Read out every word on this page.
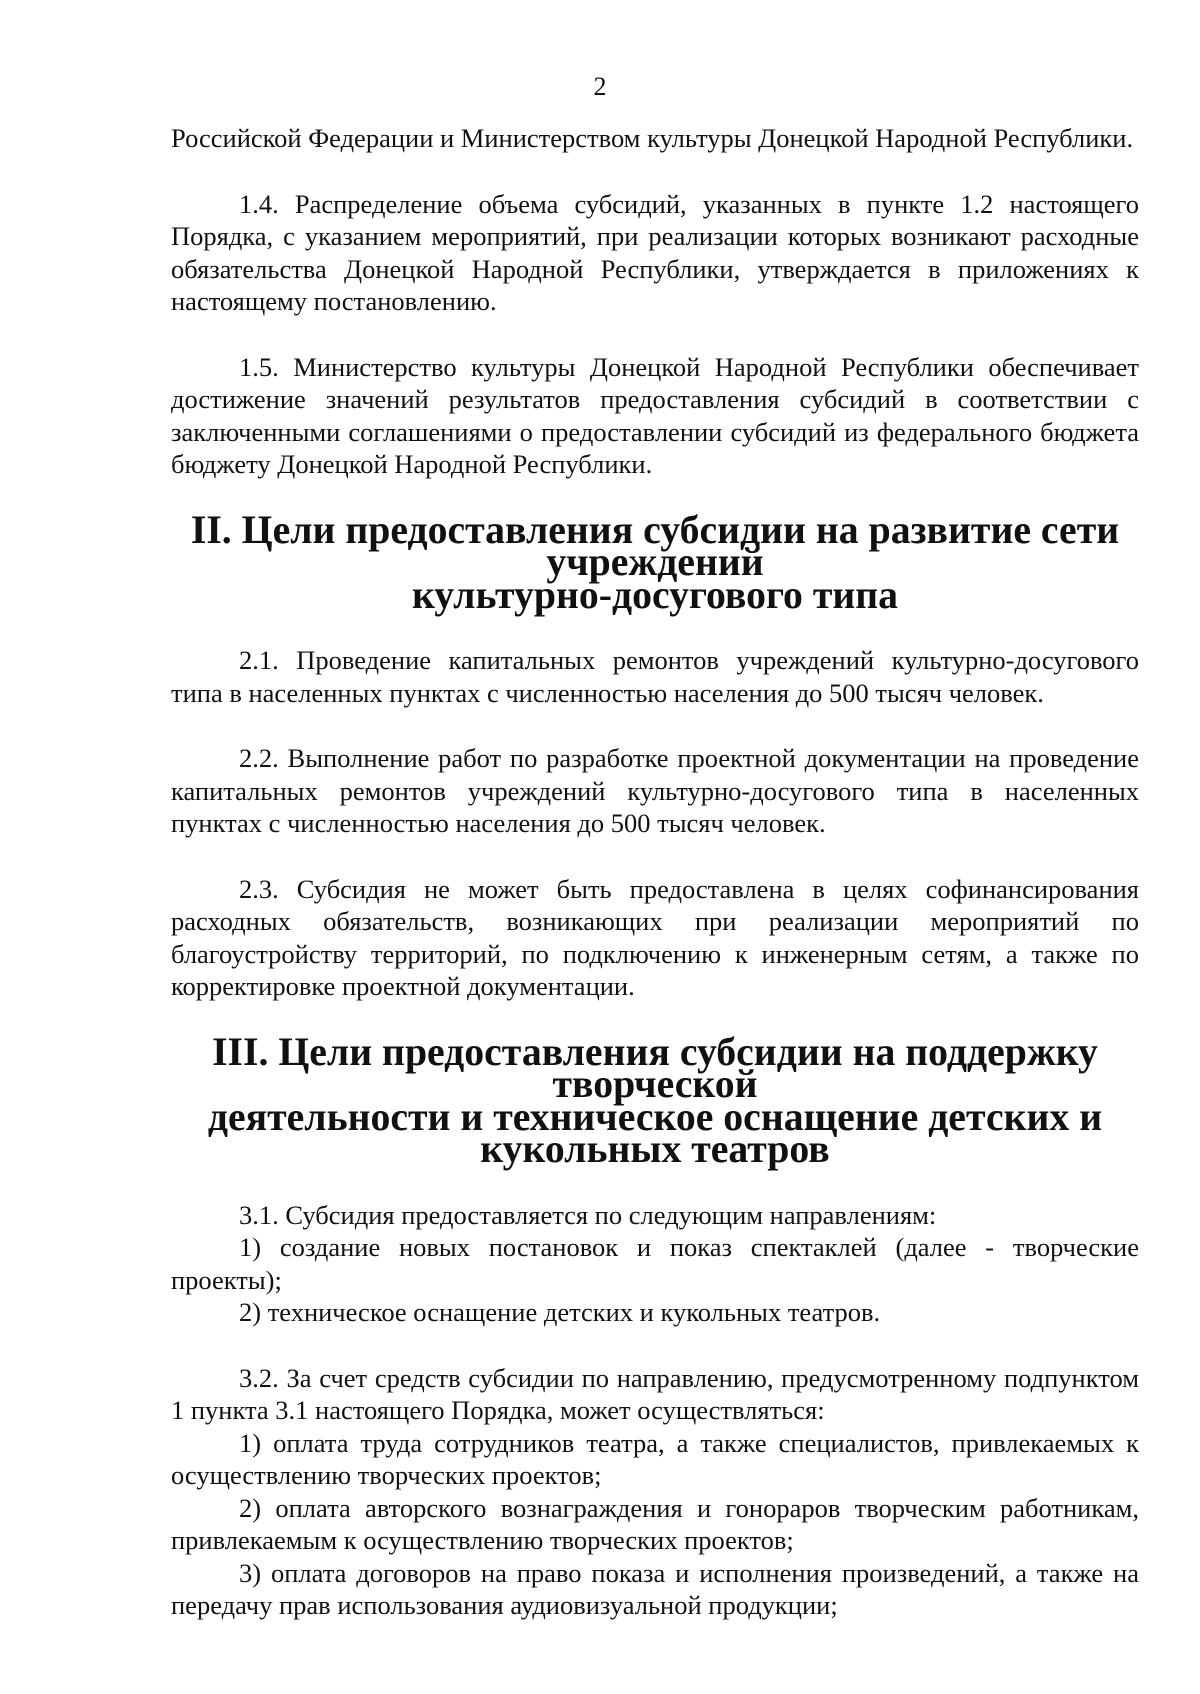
2

Российской Федерации и Министерством культуры Донецкой Народной Республики.

1.4. Распределение объема субсидий, указанных в пункте 1.2 настоящего Порядка, с указанием мероприятий, при реализации которых возникают расходные обязательства Донецкой Народной Республики, утверждается в приложениях к настоящему постановлению.

1.5. Министерство культуры Донецкой Народной Республики обеспечивает достижение значений результатов предоставления субсидий в соответствии с заключенными соглашениями о предоставлении субсидий из федерального бюджета бюджету Донецкой Народной Республики.

II. Цели предоставления субсидии на развитие сети учреждений
культурно-досугового типа

2.1. Проведение капитальных ремонтов учреждений культурно-досугового типа в населенных пунктах с численностью населения до 500 тысяч человек.

2.2. Выполнение работ по разработке проектной документации на проведение капитальных ремонтов учреждений культурно-досугового типа в населенных пунктах с численностью населения до 500 тысяч человек.

2.3. Субсидия не может быть предоставлена в целях софинансирования расходных обязательств, возникающих при реализации мероприятий по благоустройству территорий, по подключению к инженерным сетям, а также по корректировке проектной документации.

III. Цели предоставления субсидии на поддержку творческой
деятельности и техническое оснащение детских и кукольных театров

3.1. Субсидия предоставляется по следующим направлениям:

1) создание новых постановок и показ спектаклей (далее - творческие проекты);

2) техническое оснащение детских и кукольных театров.

3.2. За счет средств субсидии по направлению, предусмотренному подпунктом 1 пункта 3.1 настоящего Порядка, может осуществляться:

1) оплата труда сотрудников театра, а также специалистов, привлекаемых к осуществлению творческих проектов;

2) оплата авторского вознаграждения и гонораров творческим работникам, привлекаемым к осуществлению творческих проектов;

3) оплата договоров на право показа и исполнения произведений, а также на передачу прав использования аудиовизуальной продукции;
